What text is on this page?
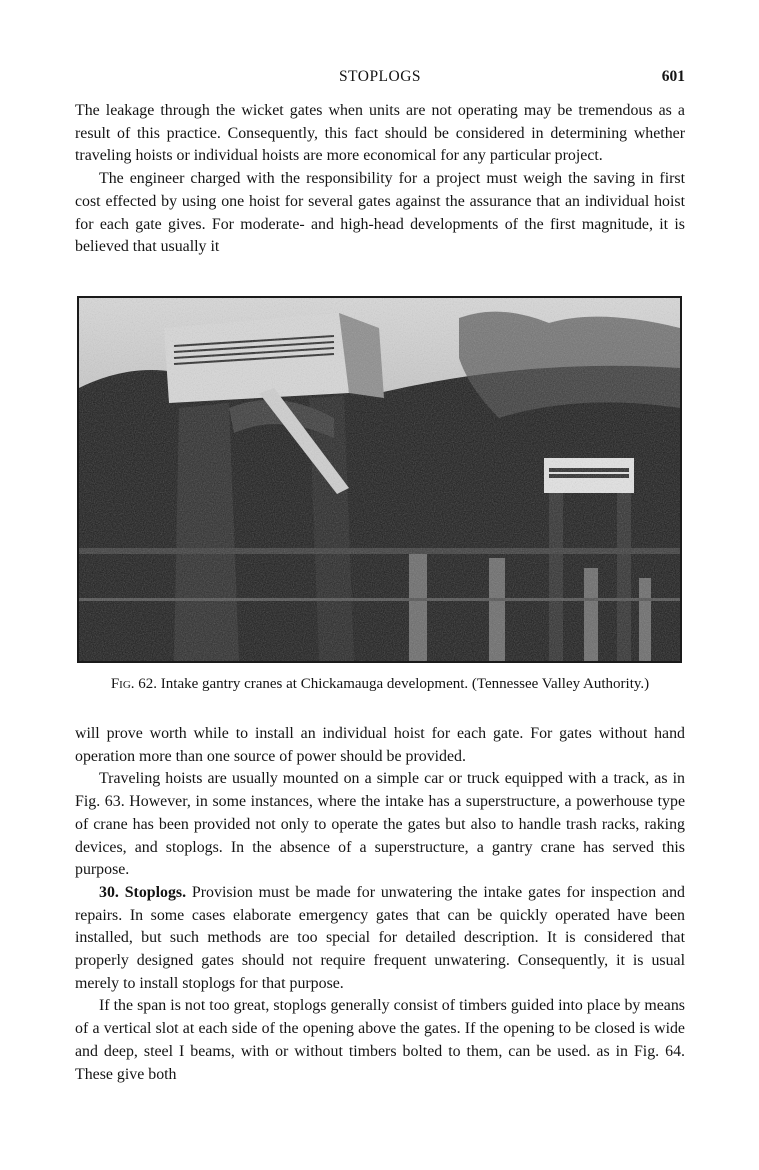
STOPLOGS	601

The leakage through the wicket gates when units are not operating may be tremendous as a result of this practice. Consequently, this fact should be considered in determining whether traveling hoists or individual hoists are more economical for any particular project.

The engineer charged with the responsibility for a project must weigh the saving in first cost effected by using one hoist for several gates against the assurance that an individual hoist for each gate gives. For moderate- and high-head developments of the first magnitude, it is believed that usually it

Fig. 62. Intake gantry cranes at Chickamauga development. (Tennessee Valley Authority.)

will prove worth while to install an individual hoist for each gate. For gates without hand operation more than one source of power should be provided.

Traveling hoists are usually mounted on a simple car or truck equipped with a track, as in Fig. 63. However, in some instances, where the intake has a superstructure, a powerhouse type of crane has been provided not only to operate the gates but also to handle trash racks, raking devices, and stoplogs. In the absence of a superstructure, a gantry crane has served this purpose.

30. Stoplogs. Provision must be made for unwatering the intake gates for inspection and repairs. In some cases elaborate emergency gates that can be quickly operated have been installed, but such methods are too special for detailed description. It is considered that properly designed gates should not require frequent unwatering. Consequently, it is usual merely to install stoplogs for that purpose.

If the span is not too great, stoplogs generally consist of timbers guided into place by means of a vertical slot at each side of the opening above the gates. If the opening to be closed is wide and deep, steel I beams, with or without timbers bolted to them, can be used. as in Fig. 64. These give both
